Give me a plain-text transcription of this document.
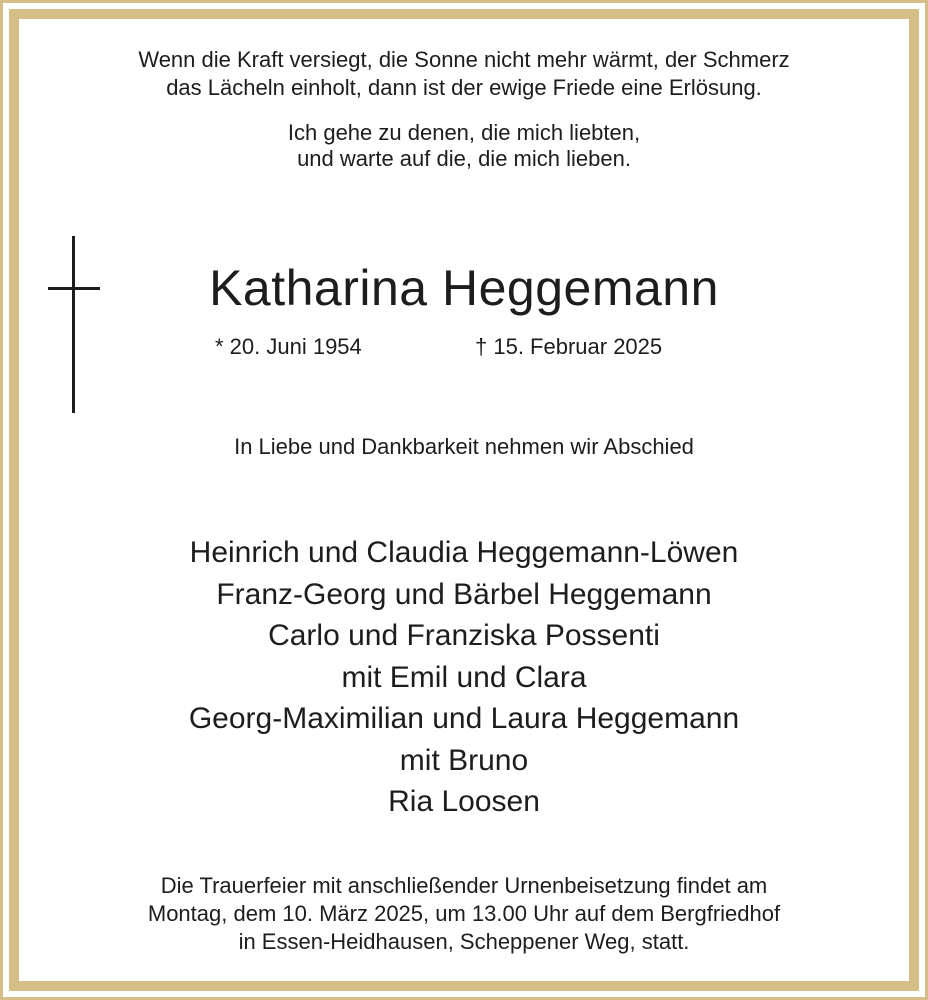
Wenn die Kraft versiegt, die Sonne nicht mehr wärmt, der Schmerz
das Lächeln einholt, dann ist der ewige Friede eine Erlösung.
Ich gehe zu denen, die mich liebten,
und warte auf die, die mich lieben.
Katharina Heggemann
* 20. Juni 1954	† 15. Februar 2025
In Liebe und Dankbarkeit nehmen wir Abschied
Heinrich und Claudia Heggemann-Löwen
Franz-Georg und Bärbel Heggemann
Carlo und Franziska Possenti
mit Emil und Clara
Georg-Maximilian und Laura Heggemann
mit Bruno
Ria Loosen
Die Trauerfeier mit anschließender Urnenbeisetzung findet am
Montag, dem 10. März 2025, um 13.00 Uhr auf dem Bergfriedhof
in Essen-Heidhausen, Scheppener Weg, statt.
